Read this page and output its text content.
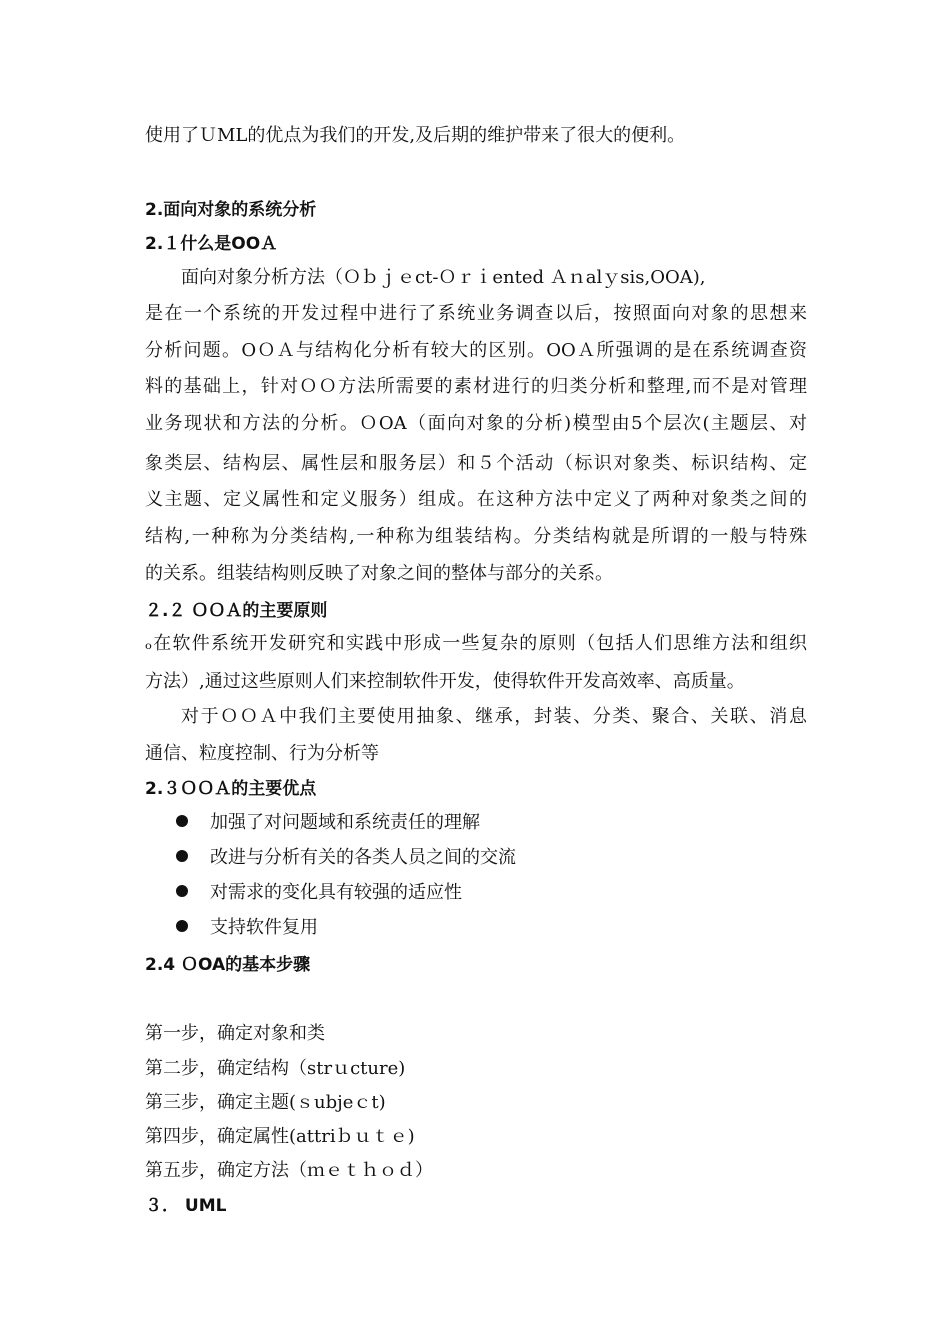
使用了ＵML的优点为我们的开发,及后期的维护带来了很大的便利。
2.面向对象的系统分析
2.１什么是OOＡ
面向对象分析方法（Ｏｂｊｅct-Ｏｒｉented Ａｎalｙsis,OOA),
是在一个系统的开发过程中进行了系统业务调查以后，按照面向对象的思想来
分析问题。OＯＡ与结构化分析有较大的区别。OOＡ所强调的是在系统调查资
料的基础上，针对ＯＯ方法所需要的素材进行的归类分析和整理,而不是对管理
业务现状和方法的分析。ＯOA（面向对象的分析)模型由5个层次(主题层、对
象类层、结构层、属性层和服务层）和５个活动（标识对象类、标识结构、定
义主题、定义属性和定义服务）组成。在这种方法中定义了两种对象类之间的
结构,一种称为分类结构,一种称为组装结构。分类结构就是所谓的一般与特殊
的关系。组装结构则反映了对象之间的整体与部分的关系。
２.２ ＯＯＡ的主要原则
ₒ在软件系统开发研究和实践中形成一些复杂的原则（包括人们思维方法和组织
方法）,通过这些原则人们来控制软件开发，使得软件开发高效率、高质量。
对于ＯＯＡ中我们主要使用抽象、继承，封装、分类、聚合、关联、消息
通信、粒度控制、行为分析等
2.３ＯＯＡ的主要优点
加强了对问题域和系统责任的理解
改进与分析有关的各类人员之间的交流
对需求的变化具有较强的适应性
支持软件复用
2.4 ＯOA的基本步骤
第一步，确定对象和类
第二步，确定结构（strｕcture)
第三步，确定主题(ｓubjeｃt)
第四步，确定属性(attriｂｕｔｅ)
第五步，确定方法（ｍｅｔｈｏｄ）
３． UML
